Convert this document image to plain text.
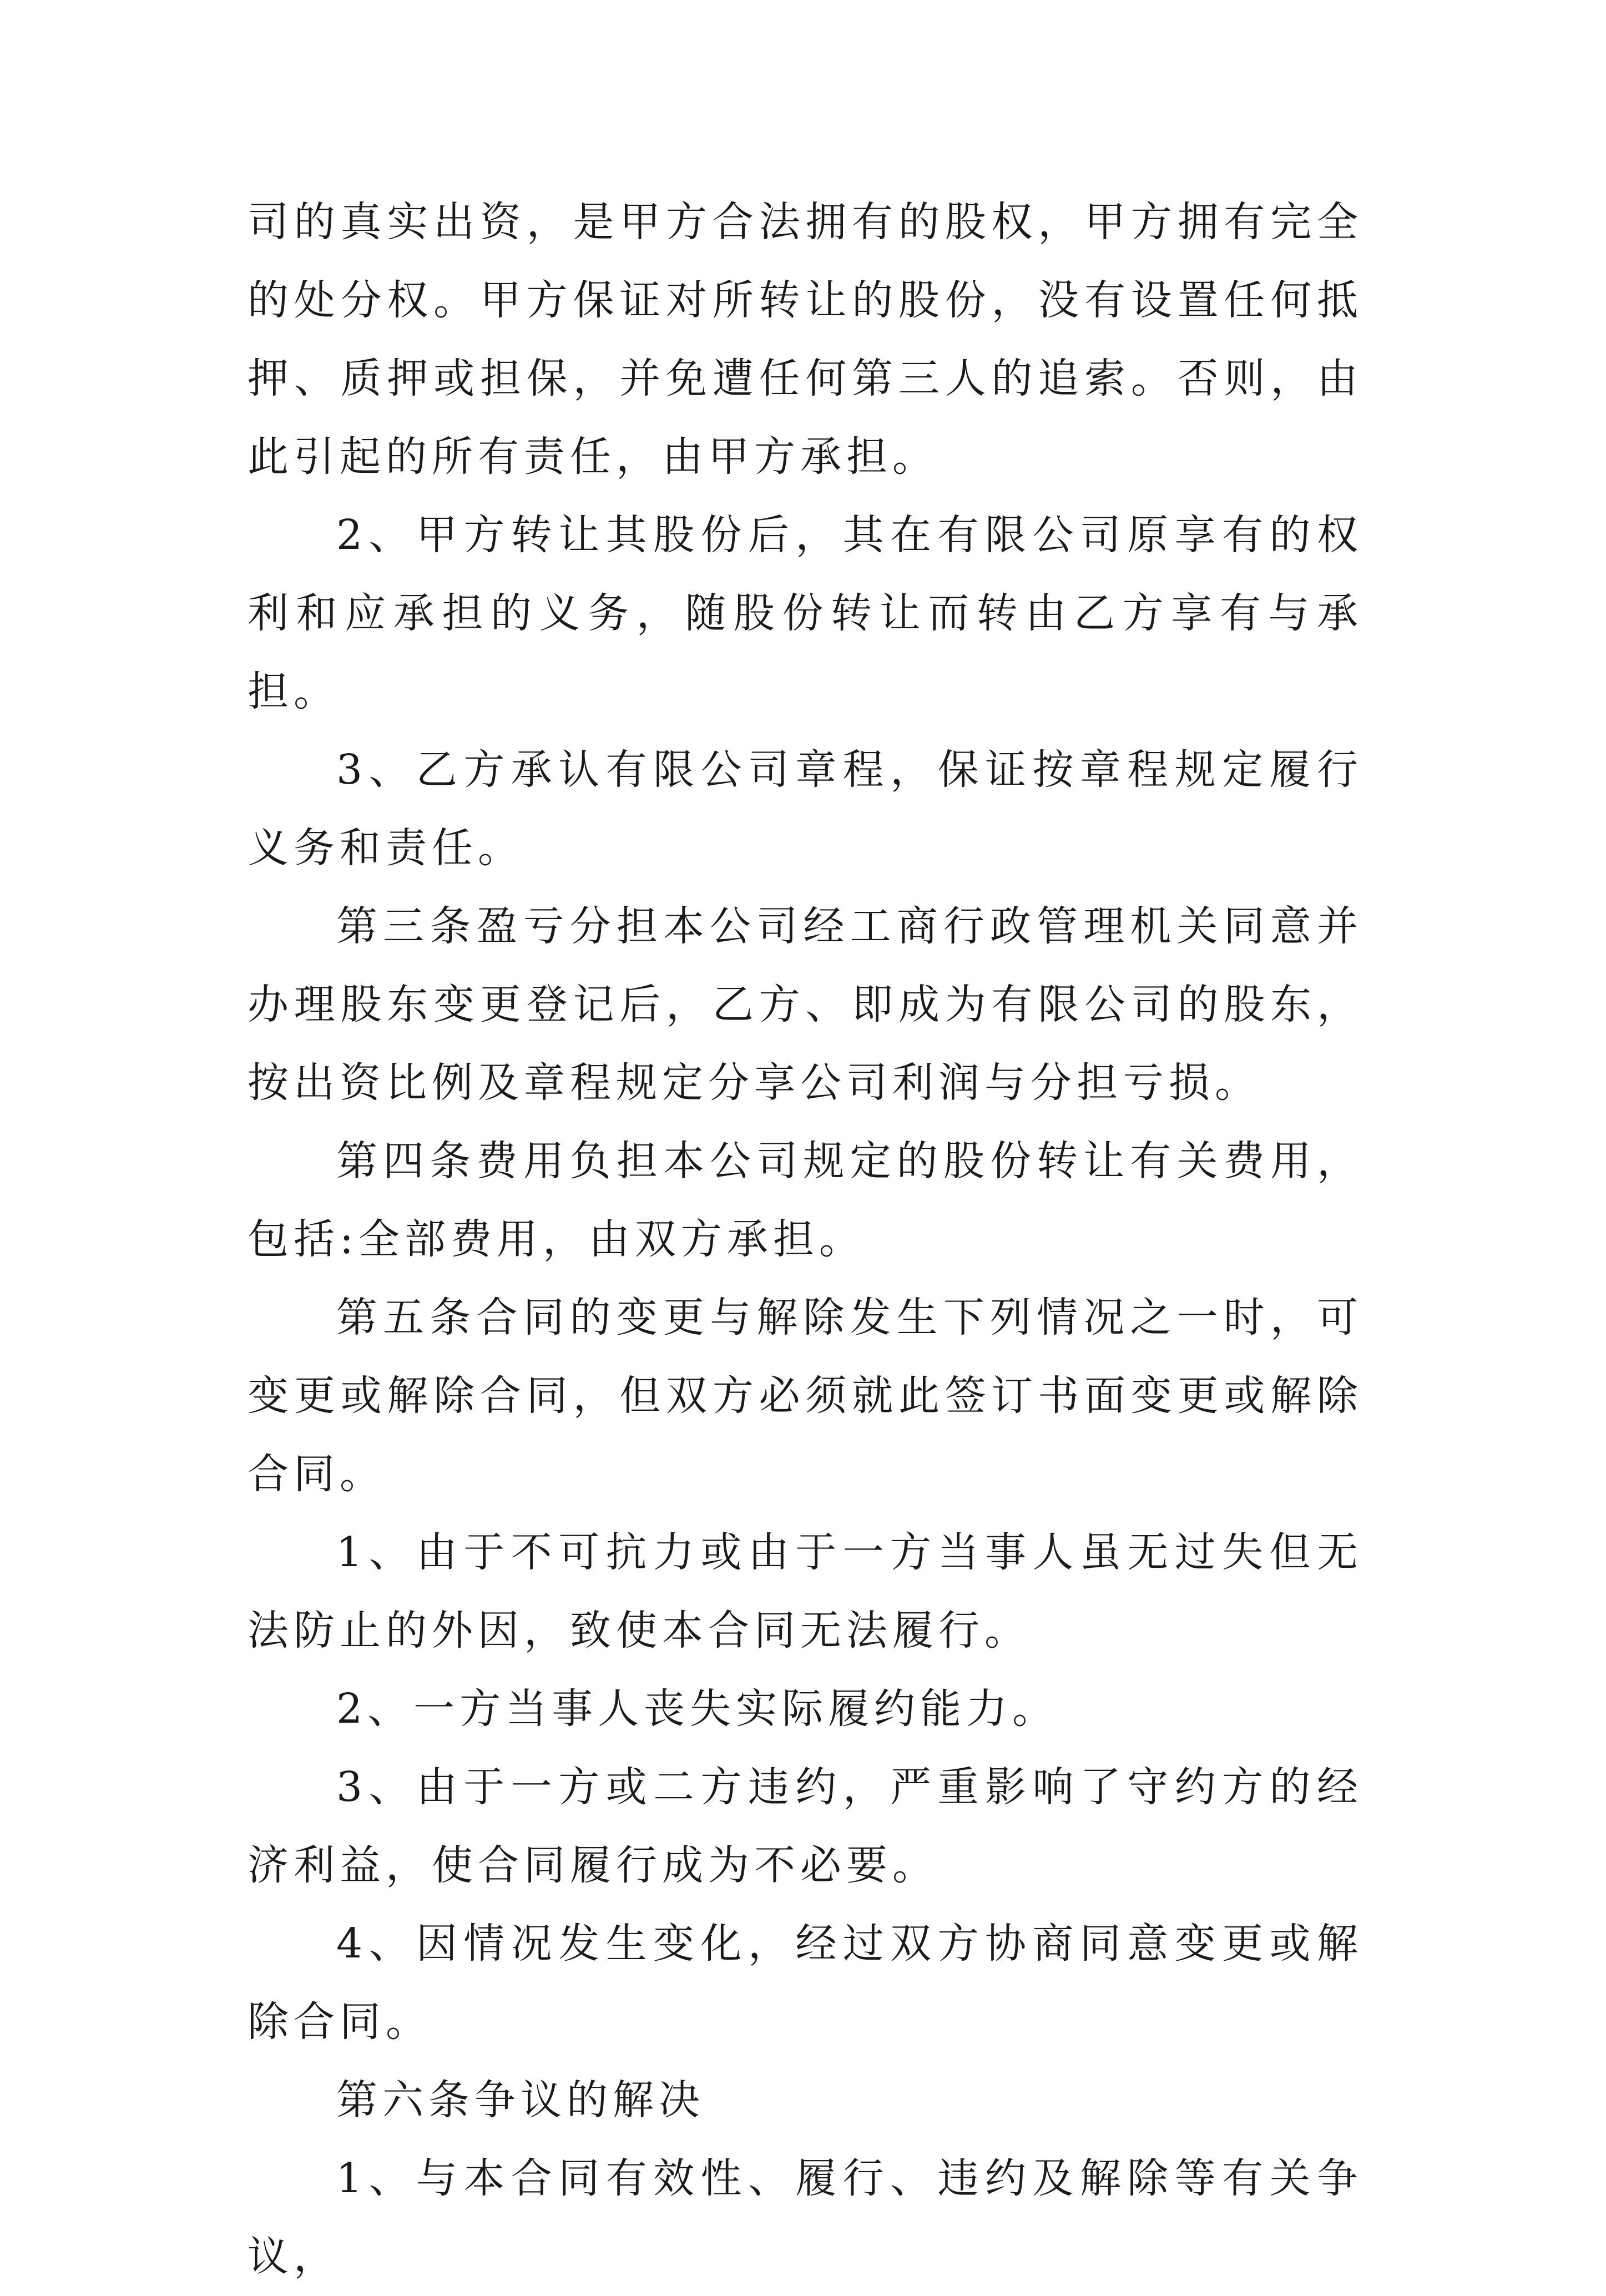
司的真实出资，是甲方合法拥有的股权，甲方拥有完全的处分权。甲方保证对所转让的股份，没有设置任何抵押、质押或担保，并免遭任何第三人的追索。否则，由此引起的所有责任，由甲方承担。

2、甲方转让其股份后，其在有限公司原享有的权利和应承担的义务，随股份转让而转由乙方享有与承担。

3、乙方承认有限公司章程，保证按章程规定履行义务和责任。

第三条盈亏分担本公司经工商行政管理机关同意并办理股东变更登记后，乙方、即成为有限公司的股东，按出资比例及章程规定分享公司利润与分担亏损。

第四条费用负担本公司规定的股份转让有关费用，包括:全部费用，由双方承担。

第五条合同的变更与解除发生下列情况之一时，可变更或解除合同，但双方必须就此签订书面变更或解除合同。

1、由于不可抗力或由于一方当事人虽无过失但无法防止的外因，致使本合同无法履行。

2、一方当事人丧失实际履约能力。

3、由于一方或二方违约，严重影响了守约方的经济利益，使合同履行成为不必要。

4、因情况发生变化，经过双方协商同意变更或解除合同。

第六条争议的解决

1、与本合同有效性、履行、违约及解除等有关争议，
